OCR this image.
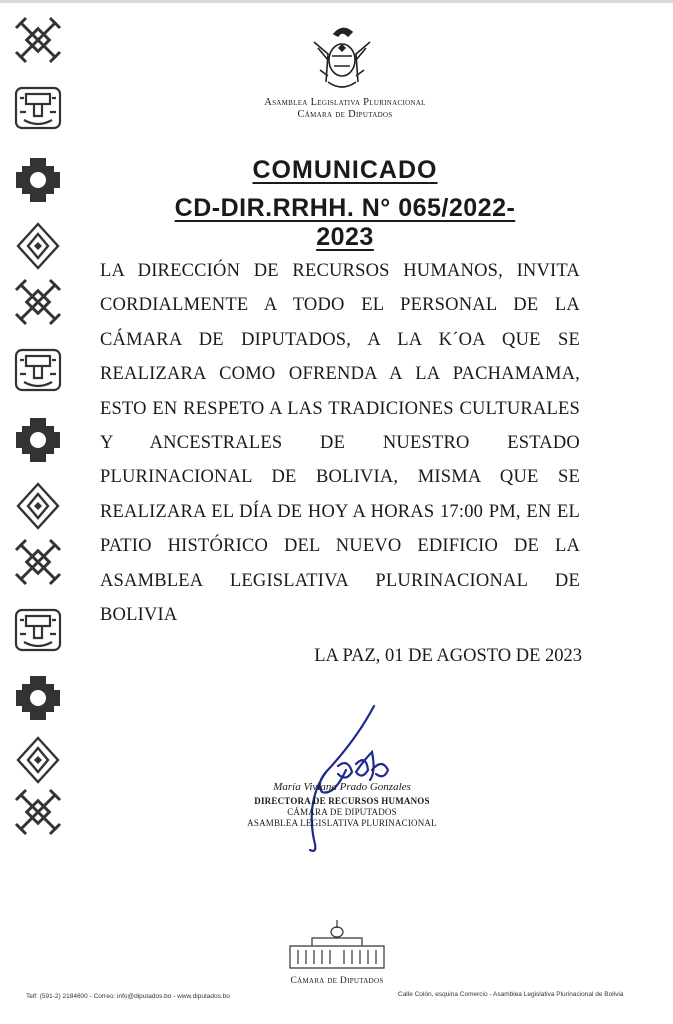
Asamblea Legislativa Plurinacional
Cámara de Diputados
COMUNICADO
CD-DIR.RRHH. N° 065/2022-2023
LA DIRECCIÓN DE RECURSOS HUMANOS, INVITA CORDIALMENTE A TODO EL PERSONAL DE LA CÁMARA DE DIPUTADOS, A LA K´OA QUE SE REALIZARA COMO OFRENDA A LA PACHAMAMA, ESTO EN RESPETO A LAS TRADICIONES CULTURALES Y ANCESTRALES DE NUESTRO ESTADO PLURINACIONAL DE BOLIVIA, MISMA QUE SE REALIZARA EL DÍA DE HOY A HORAS 17:00 PM, EN EL PATIO HISTÓRICO DEL NUEVO EDIFICIO DE LA ASAMBLEA LEGISLATIVA PLURINACIONAL DE BOLIVIA
LA PAZ, 01 DE AGOSTO DE 2023
María Viviana Prado Gonzales
DIRECTORA DE RECURSOS HUMANOS
CÁMARA DE DIPUTADOS
ASAMBLEA LEGISLATIVA PLURINACIONAL
Cámara de Diputados
Telf: (591-2) 2184600 - Correo: info@diputados.bo - www.diputados.bo	Calle Colón, esquina Comercio - Asamblea Legislativa Plurinacional de Bolivia
